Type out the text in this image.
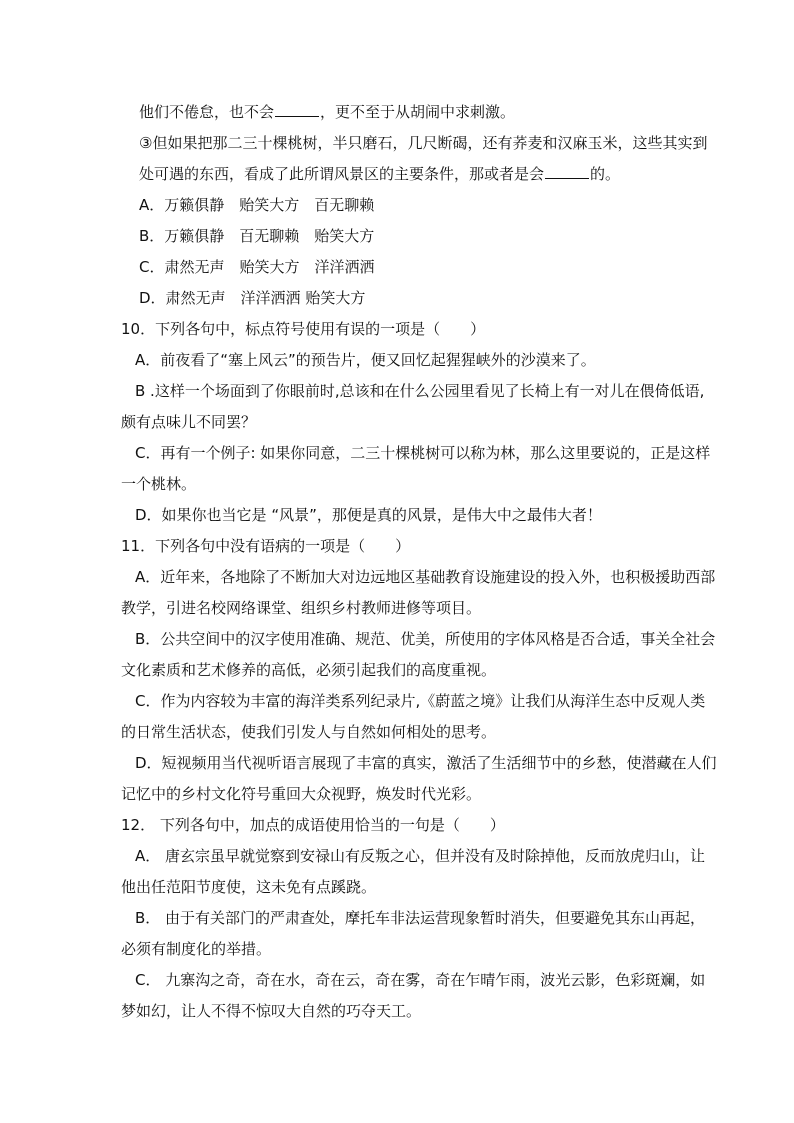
他们不倦怠，也不会	，更不至于从胡闹中求刺激。
③但如果把那二三十棵桃树，半只磨石，几尺断碣，还有荞麦和汉麻玉米，这些其实到
处可遇的东西，看成了此所谓风景区的主要条件，那或者是会	的。
A．万籁俱静　贻笑大方　百无聊赖
B．万籁俱静　百无聊赖　贻笑大方
C．肃然无声　贻笑大方　洋洋洒洒
D．肃然无声　洋洋洒洒 贻笑大方
10．下列各句中，标点符号使用有误的一项是（　　）
A．前夜看了“塞上风云”的预告片，便又回忆起猩猩峡外的沙漠来了。
B .这样一个场面到了你眼前时,总该和在什么公园里看见了长椅上有一对儿在偎倚低语,
颇有点味儿不同罢？
C．再有一个例子: 如果你同意，二三十棵桃树可以称为林，那么这里要说的，正是这样
一个桃林。
D．如果你也当它是 “风景”，那便是真的风景，是伟大中之最伟大者！
11．下列各句中没有语病的一项是（　　）
A．近年来，各地除了不断加大对边远地区基础教育设施建设的投入外，也积极援助西部
教学，引进名校网络课堂、组织乡村教师进修等项目。
B．公共空间中的汉字使用准确、规范、优美，所使用的字体风格是否合适，事关全社会
文化素质和艺术修养的高低，必须引起我们的高度重视。
C．作为内容较为丰富的海洋类系列纪录片,《蔚蓝之境》让我们从海洋生态中反观人类
的日常生活状态，使我们引发人与自然如何相处的思考。
D．短视频用当代视听语言展现了丰富的真实，激活了生活细节中的乡愁，使潜藏在人们
记忆中的乡村文化符号重回大众视野，焕发时代光彩。
12． 下列各句中，加点的成语使用恰当的一句是（　　）
A． 唐玄宗虽早就觉察到安禄山有反叛之心，但并没有及时除掉他，反而放虎归山，让
他出任范阳节度使，这未免有点蹊跷。
B． 由于有关部门的严肃查处，摩托车非法运营现象暂时消失，但要避免其东山再起，
必须有制度化的举措。
C． 九寨沟之奇，奇在水，奇在云，奇在雾，奇在乍晴乍雨，波光云影，色彩斑斓，如
梦如幻，让人不得不惊叹大自然的巧夺天工。
